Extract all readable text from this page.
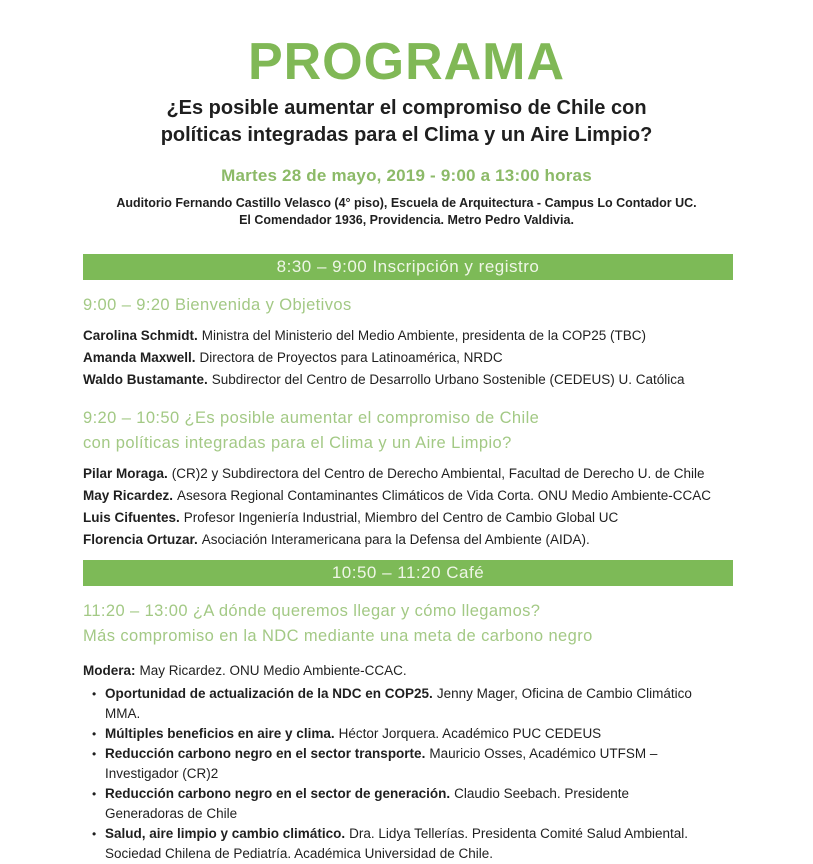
PROGRAMA
¿Es posible aumentar el compromiso de Chile con
políticas integradas para el Clima y un Aire Limpio?
Martes 28 de mayo, 2019 - 9:00 a 13:00 horas
Auditorio Fernando Castillo Velasco (4° piso), Escuela de Arquitectura - Campus Lo Contador UC.
El Comendador 1936, Providencia. Metro Pedro Valdivia.
8:30 – 9:00 Inscripción y registro
9:00 – 9:20 Bienvenida y Objetivos
Carolina Schmidt. Ministra del Ministerio del Medio Ambiente, presidenta de la COP25 (TBC)
Amanda Maxwell. Directora de Proyectos para Latinoamérica, NRDC
Waldo Bustamante. Subdirector del Centro de Desarrollo Urbano Sostenible (CEDEUS) U. Católica
9:20 – 10:50 ¿Es posible aumentar el compromiso de Chile
con políticas integradas para el Clima y un Aire Limpio?
Pilar Moraga. (CR)2 y Subdirectora del Centro de Derecho Ambiental, Facultad de Derecho U. de Chile
May Ricardez. Asesora Regional Contaminantes Climáticos de Vida Corta. ONU Medio Ambiente-CCAC
Luis Cifuentes. Profesor Ingeniería Industrial, Miembro del Centro de Cambio Global UC
Florencia Ortuzar. Asociación Interamericana para la Defensa del Ambiente (AIDA).
10:50 – 11:20 Café
11:20 – 13:00 ¿A dónde queremos llegar y cómo llegamos?
Más compromiso en la NDC mediante una meta de carbono negro
Modera: May Ricardez. ONU Medio Ambiente-CCAC.
• Oportunidad de actualización de la NDC en COP25. Jenny Mager, Oficina de Cambio Climático MMA.
• Múltiples beneficios en aire y clima. Héctor Jorquera. Académico PUC CEDEUS
• Reducción carbono negro en el sector transporte. Mauricio Osses, Académico UTFSM – Investigador (CR)2
• Reducción carbono negro en el sector de generación. Claudio Seebach. Presidente Generadoras de Chile
• Salud, aire limpio y cambio climático. Dra. Lidya Tellerías. Presidenta Comité Salud Ambiental. Sociedad Chilena de Pediatría. Académica Universidad de Chile.
